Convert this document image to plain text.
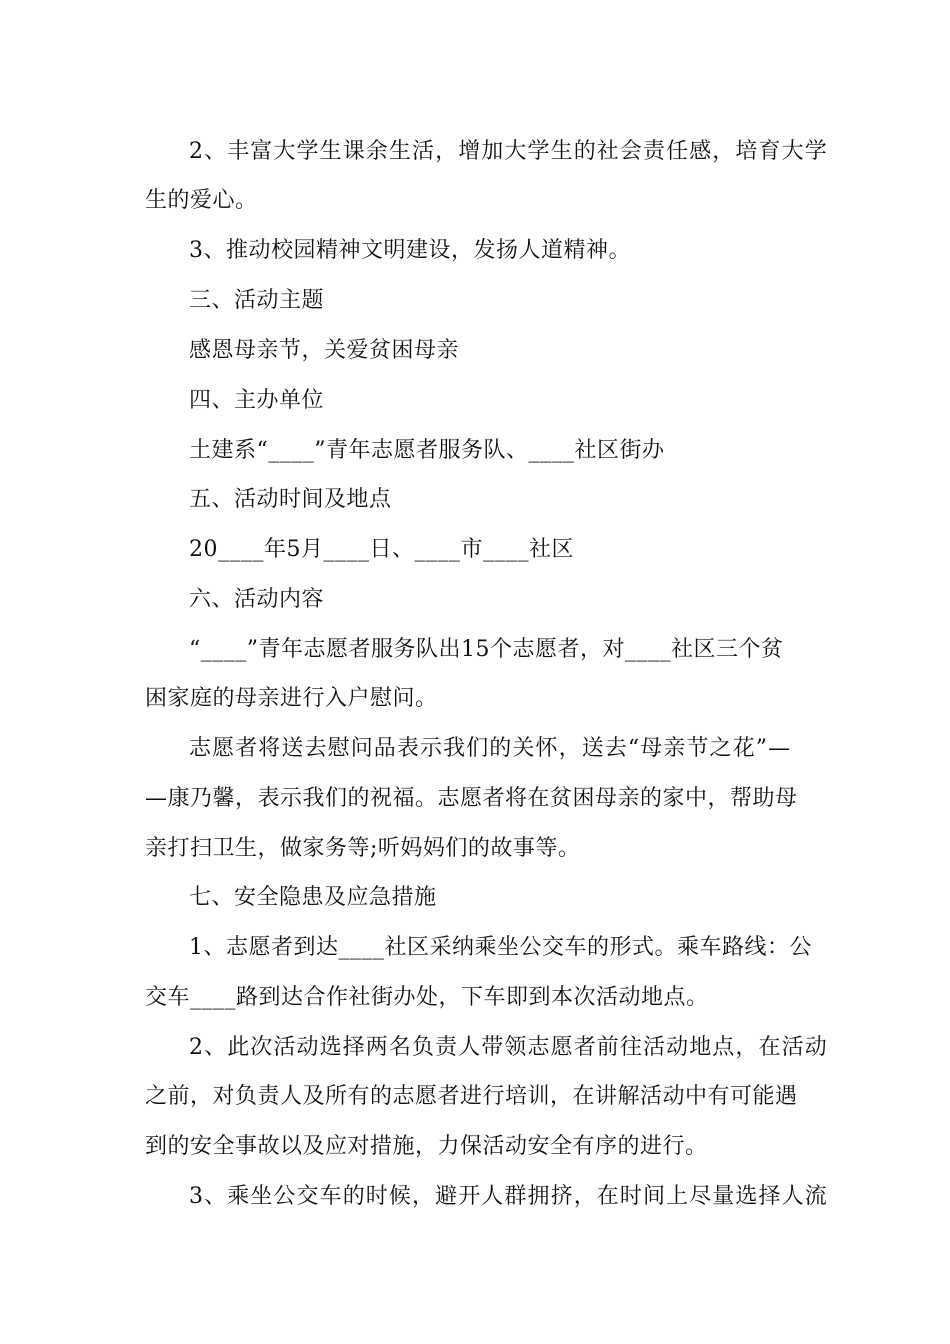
2、丰富大学生课余生活，增加大学生的社会责任感，培育大学
生的爱心。
3、推动校园精神文明建设，发扬人道精神。
三、活动主题
感恩母亲节，关爱贫困母亲
四、主办单位
土建系“____”青年志愿者服务队、____社区街办
五、活动时间及地点
20____年5月____日、____市____社区
六、活动内容
“____”青年志愿者服务队出15个志愿者，对____社区三个贫
困家庭的母亲进行入户慰问。
志愿者将送去慰问品表示我们的关怀，送去“母亲节之花”—
—康乃馨，表示我们的祝福。志愿者将在贫困母亲的家中，帮助母
亲打扫卫生，做家务等;听妈妈们的故事等。
七、安全隐患及应急措施
1、志愿者到达____社区采纳乘坐公交车的形式。乘车路线：公
交车____路到达合作社街办处，下车即到本次活动地点。
2、此次活动选择两名负责人带领志愿者前往活动地点，在活动
之前，对负责人及所有的志愿者进行培训，在讲解活动中有可能遇
到的安全事故以及应对措施，力保活动安全有序的进行。
3、乘坐公交车的时候，避开人群拥挤，在时间上尽量选择人流
